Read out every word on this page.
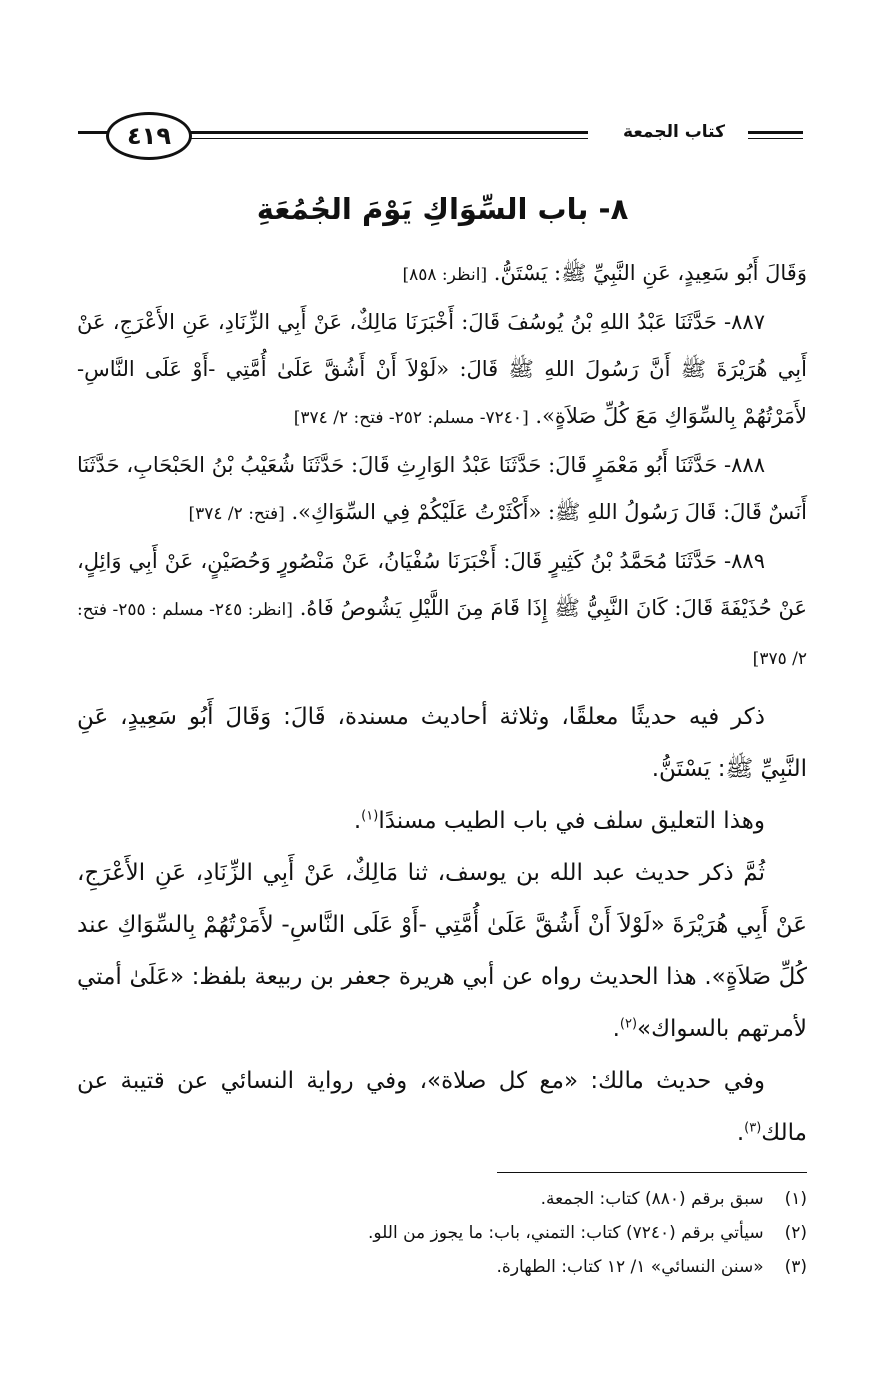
كتاب الجمعة
٤١٩
٨- باب السِّوَاكِ يَوْمَ الجُمُعَةِ

وَقَالَ أَبُو سَعِيدٍ، عَنِ النَّبِيِّ ﷺ: يَسْتَنُّ. [انظر: ٨٥٨]

٨٨٧- حَدَّثَنَا عَبْدُ اللهِ بْنُ يُوسُفَ قَالَ: أَخْبَرَنَا مَالِكٌ، عَنْ أَبِي الزِّنَادِ، عَنِ الأَعْرَجِ، عَنْ أَبِي هُرَيْرَةَ ﷺ أَنَّ رَسُولَ اللهِ ﷺ قَالَ: «لَوْلاَ أَنْ أَشُقَّ عَلَىٰ أُمَّتِي -أَوْ عَلَى النَّاسِ- لأَمَرْتُهُمْ بِالسِّوَاكِ مَعَ كُلِّ صَلاَةٍ». [٧٢٤٠- مسلم: ٢٥٢- فتح: ٢/ ٣٧٤]

٨٨٨- حَدَّثَنَا أَبُو مَعْمَرٍ قَالَ: حَدَّثَنَا عَبْدُ الوَارِثِ قَالَ: حَدَّثَنَا شُعَيْبُ بْنُ الحَبْحَابِ، حَدَّثَنَا أَنَسٌ قَالَ: قَالَ رَسُولُ اللهِ ﷺ: «أَكْثَرْتُ عَلَيْكُمْ فِي السِّوَاكِ». [فتح: ٢/ ٣٧٤]

٨٨٩- حَدَّثَنَا مُحَمَّدُ بْنُ كَثِيرٍ قَالَ: أَخْبَرَنَا سُفْيَانُ، عَنْ مَنْصُورٍ وَحُصَيْنٍ، عَنْ أَبِي وَائِلٍ، عَنْ حُذَيْفَةَ قَالَ: كَانَ النَّبِيُّ ﷺ إِذَا قَامَ مِنَ اللَّيْلِ يَشُوصُ فَاهُ. [انظر: ٢٤٥- مسلم : ٢٥٥- فتح: ٢/ ٣٧٥]

ذكر فيه حديثًا معلقًا، وثلاثة أحاديث مسندة، قَالَ: وَقَالَ أَبُو سَعِيدٍ، عَنِ النَّبِيِّ ﷺ: يَسْتَنُّ.

وهذا التعليق سلف في باب الطيب مسندًا$^{(١)}$.

ثُمَّ ذكر حديث عبد الله بن يوسف، ثنا مَالِكٌ، عَنْ أَبِي الزِّنَادِ، عَنِ الأَعْرَجِ، عَنْ أَبِي هُرَيْرَةَ «لَوْلاَ أَنْ أَشُقَّ عَلَىٰ أُمَّتِي -أَوْ عَلَى النَّاسِ- لأَمَرْتُهُمْ بِالسِّوَاكِ عند كُلِّ صَلاَةٍ». هذا الحديث رواه عن أبي هريرة جعفر بن ربيعة بلفظ: «عَلَىٰ أمتي لأمرتهم بالسواك»$^{(٢)}$.

وفي حديث مالك: «مع كل صلاة»، وفي رواية النسائي عن قتيبة عن مالك$^{(٣)}$.

(١) سبق برقم (٨٨٠) كتاب: الجمعة.

(٢) سيأتي برقم (٧٢٤٠) كتاب: التمني، باب: ما يجوز من اللو.

(٣) «سنن النسائي» ١/ ١٢ كتاب: الطهارة.
